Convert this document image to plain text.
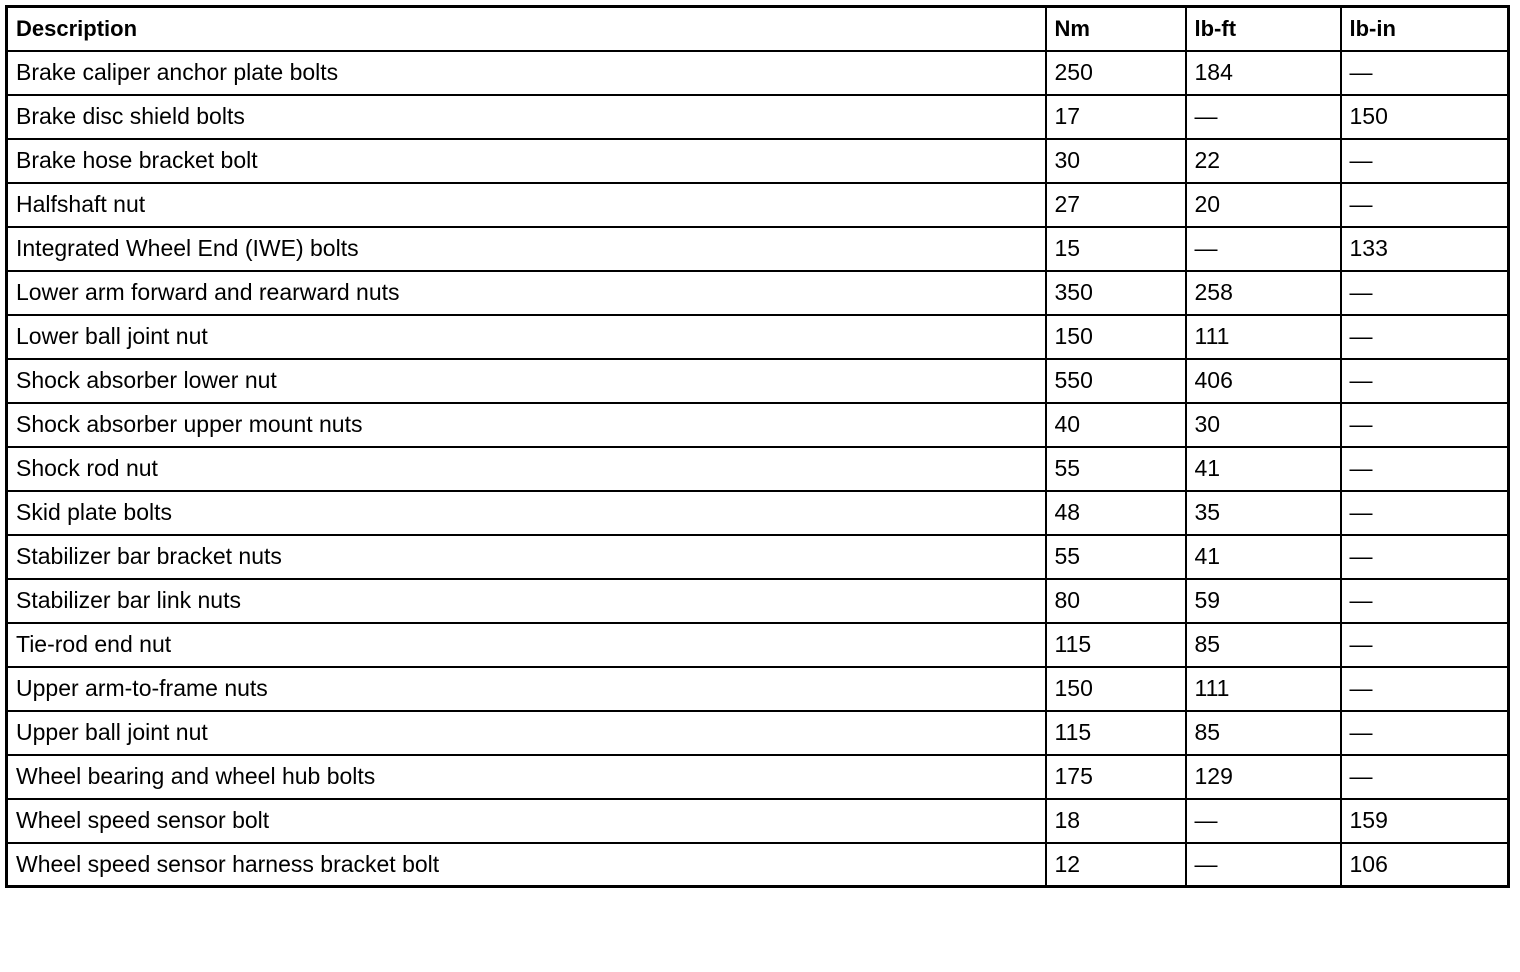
Description	Nm	lb-ft	lb-in
Brake caliper anchor plate bolts	250	184	—
Brake disc shield bolts	17	—	150
Brake hose bracket bolt	30	22	—
Halfshaft nut	27	20	—
Integrated Wheel End (IWE) bolts	15	—	133
Lower arm forward and rearward nuts	350	258	—
Lower ball joint nut	150	111	—
Shock absorber lower nut	550	406	—
Shock absorber upper mount nuts	40	30	—
Shock rod nut	55	41	—
Skid plate bolts	48	35	—
Stabilizer bar bracket nuts	55	41	—
Stabilizer bar link nuts	80	59	—
Tie-rod end nut	115	85	—
Upper arm-to-frame nuts	150	111	—
Upper ball joint nut	115	85	—
Wheel bearing and wheel hub bolts	175	129	—
Wheel speed sensor bolt	18	—	159
Wheel speed sensor harness bracket bolt	12	—	106
